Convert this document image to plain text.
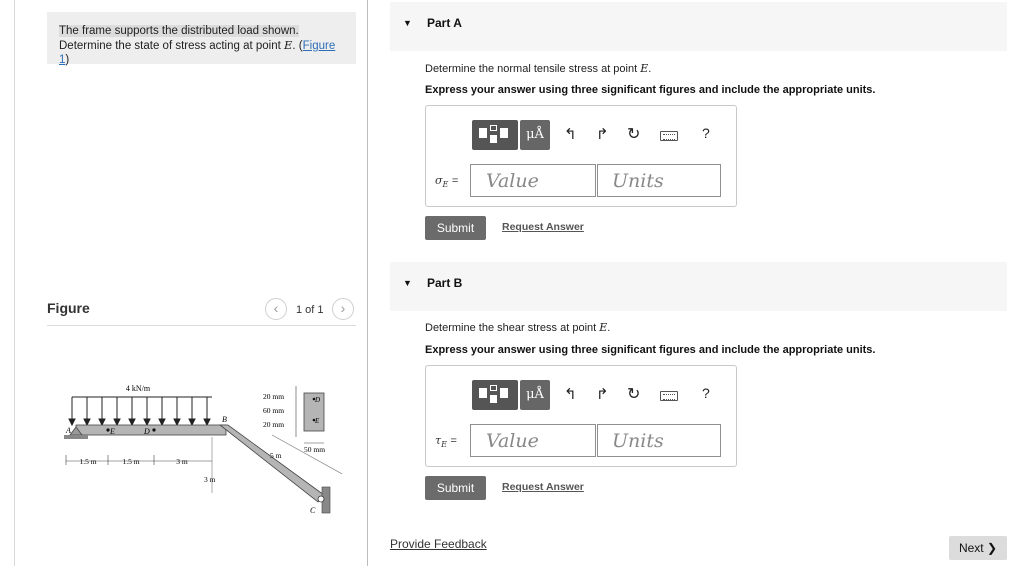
The frame supports the distributed load shown.
Determine the state of stress acting at point E. (Figure 1)
Figure	‹	1 of 1	›
4 kN/m
A	E	D
B
C
1.5 m	1.5 m	3 m
3 m
5 m
20 mm
60 mm
20 mm
D
E
50 mm
▼ Part A
Determine the normal tensile stress at point E.
Express your answer using three significant figures and include the appropriate units.
μÅ	↰ ↱ ↻	?
$\sigma_E$ =	Value	Units
Submit	Request Answer
▼ Part B
Determine the shear stress at point E.
Express your answer using three significant figures and include the appropriate units.
μÅ	↰ ↱ ↻	?
$\tau_E$ =	Value	Units
Submit	Request Answer
Provide Feedback	Next ❯
